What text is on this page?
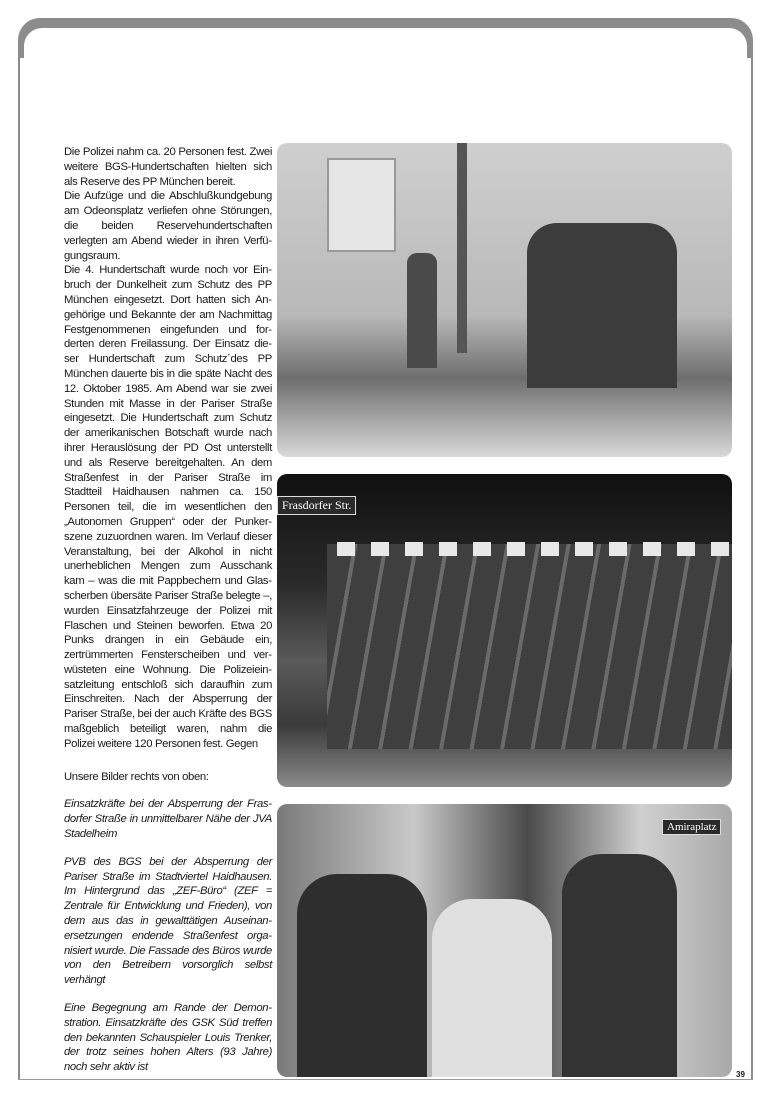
Die Polizei nahm ca. 20 Personen fest. Zwei weitere BGS-Hundertschaften hielten sich als Reserve des PP München bereit.

Die Aufzüge und die Abschlußkundgebung am Odeonsplatz verliefen ohne Störungen, die beiden Reservehundertschaften verlegten am Abend wieder in ihren Verfügungsraum.

Die 4. Hundertschaft wurde noch vor Einbruch der Dunkelheit zum Schutz des PP München eingesetzt. Dort hatten sich Angehörige und Bekannte der am Nachmittag Festgenommenen eingefunden und forderten deren Freilassung. Der Einsatz dieser Hundertschaft zum Schutz´des PP München dauerte bis in die späte Nacht des 12. Oktober 1985. Am Abend war sie zwei Stunden mit Masse in der Pariser Straße eingesetzt. Die Hundertschaft zum Schutz der amerikanischen Botschaft wurde nach ihrer Herauslösung der PD Ost unterstellt und als Reserve bereitgehalten. An dem Straßenfest in der Pariser Straße im Stadtteil Haidhausen nahmen ca. 150 Personen teil, die im wesentlichen den „Autonomen Gruppen“ oder der Punkerszene zuzuordnen waren. Im Verlauf dieser Veranstaltung, bei der Alkohol in nicht unerheblichen Mengen zum Ausschank kam – was die mit Pappbechern und Glasscherben übersäte Pariser Straße belegte –, wurden Einsatzfahrzeuge der Polizei mit Flaschen und Steinen beworfen. Etwa 20 Punks drangen in ein Gebäude ein, zertrümmerten Fensterscheiben und verwüsteten eine Wohnung. Die Polizeieinsatzleitung entschloß sich daraufhin zum Einschreiten. Nach der Absperrung der Pariser Straße, bei der auch Kräfte des BGS maßgeblich beteiligt waren, nahm die Polizei weitere 120 Personen fest. Gegen

Unsere Bilder rechts von oben:

Einsatzkräfte bei der Absperrung der Frasdorfer Straße in unmittelbarer Nähe der JVA Stadelheim

PVB des BGS bei der Absperrung der Pariser Straße im Stadtviertel Haidhausen. Im Hintergrund das „ZEF-Büro“ (ZEF = Zentrale für Entwicklung und Frieden), von dem aus das in gewalttätigen Auseinanersetzungen endende Straßenfest organisiert wurde. Die Fassade des Büros wurde von den Betreibern vorsorglich selbst verhängt

Eine Begegnung am Rande der Demonstration. Einsatzkräfte des GSK Süd treffen den bekannten Schauspieler Louis Trenker, der trotz seines hohen Alters (93 Jahre) noch sehr aktiv ist

Frasdorfer Str.
Amiraplatz
39
